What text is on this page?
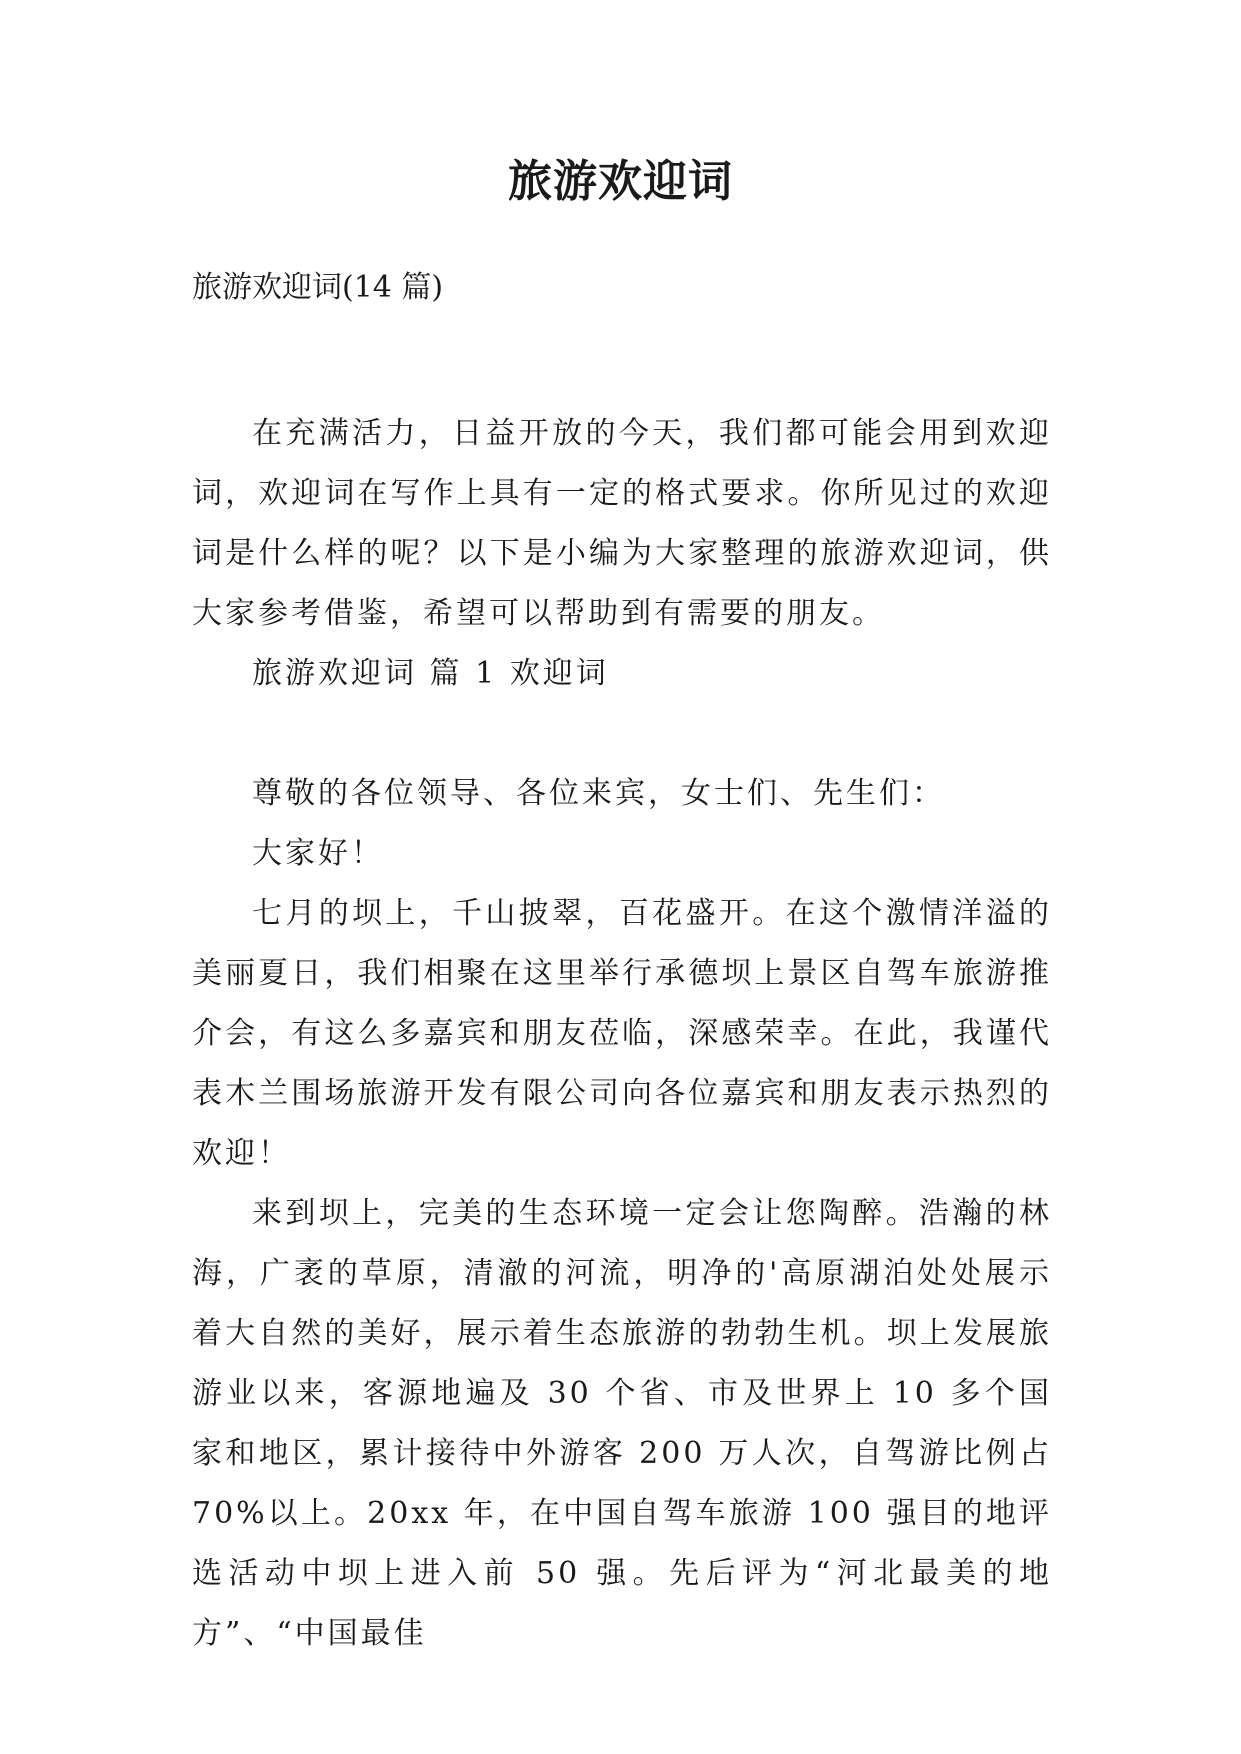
旅游欢迎词
旅游欢迎词(14 篇)

在充满活力，日益开放的今天，我们都可能会用到欢迎词，欢迎词在写作上具有一定的格式要求。你所见过的欢迎词是什么样的呢？以下是小编为大家整理的旅游欢迎词，供大家参考借鉴，希望可以帮助到有需要的朋友。

旅游欢迎词 篇 1 欢迎词

尊敬的各位领导、各位来宾，女士们、先生们：

大家好！

七月的坝上，千山披翠，百花盛开。在这个激情洋溢的美丽夏日，我们相聚在这里举行承德坝上景区自驾车旅游推介会，有这么多嘉宾和朋友莅临，深感荣幸。在此，我谨代表木兰围场旅游开发有限公司向各位嘉宾和朋友表示热烈的欢迎！

来到坝上，完美的生态环境一定会让您陶醉。浩瀚的林海，广袤的草原，清澈的河流，明净的'高原湖泊处处展示着大自然的美好，展示着生态旅游的勃勃生机。坝上发展旅游业以来，客源地遍及 30 个省、市及世界上 10 多个国家和地区，累计接待中外游客 200 万人次，自驾游比例占 70%以上。20xx 年，在中国自驾车旅游 100 强目的地评选活动中坝上进入前 50 强。先后评为“河北最美的地方”、“中国最佳
